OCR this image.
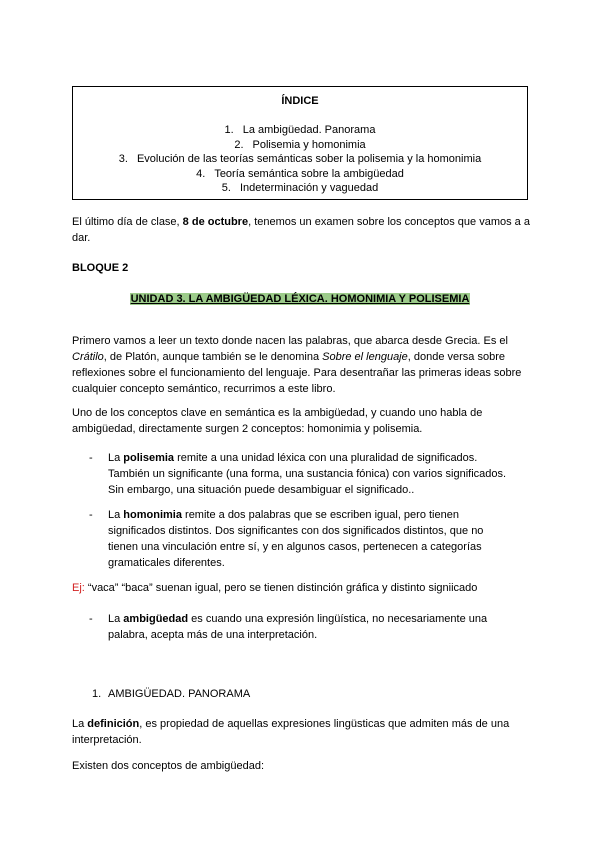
ÍNDICE
1. La ambigüedad. Panorama
2. Polisemia y homonimia
3. Evolución de las teorías semánticas sober la polisemia y la homonimia
4. Teoría semántica sobre la ambigüedad
5. Indeterminación y vaguedad

El último día de clase, 8 de octubre, tenemos un examen sobre los conceptos que vamos a a dar.

BLOQUE 2

UNIDAD 3. LA AMBIGÜEDAD LÉXICA. HOMONIMIA Y POLISEMIA

Primero vamos a leer un texto donde nacen las palabras, que abarca desde Grecia. Es el Crátilo, de Platón, aunque también se le denomina Sobre el lenguaje, donde versa sobre reflexiones sobre el funcionamiento del lenguaje. Para desentrañar las primeras ideas sobre cualquier concepto semántico, recurrimos a este libro.

Uno de los conceptos clave en semántica es la ambigüedad, y cuando uno habla de ambigüedad, directamente surgen 2 conceptos: homonimia y polisemia.

- La polisemia remite a una unidad léxica con una pluralidad de significados. También un significante (una forma, una sustancia fónica) con varios significados. Sin embargo, una situación puede desambiguar el significado..
- La homonimia remite a dos palabras que se escriben igual, pero tienen significados distintos. Dos significantes con dos significados distintos, que no tienen una vinculación entre sí, y en algunos casos, pertenecen a categorías gramaticales diferentes.

Ej: “vaca” “baca” suenan igual, pero se tienen distinción gráfica y distinto signiicado

- La ambigüedad es cuando una expresión lingüística, no necesariamente una palabra, acepta más de una interpretación.
1. AMBIGÜEDAD. PANORAMA

La definición, es propiedad de aquellas expresiones lingüsticas que admiten más de una interpretación.

Existen dos conceptos de ambigüedad:
